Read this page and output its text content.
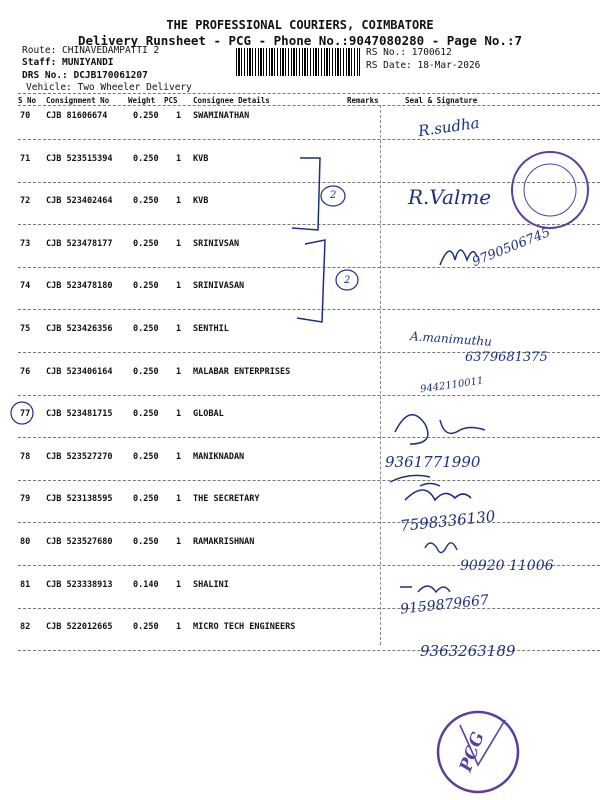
THE PROFESSIONAL COURIERS, COIMBATORE
Delivery Runsheet - PCG - Phone No.:9047080280 - Page No.:7
Route: CHINAVEDAMPATTI 2
Staff: MUNIYANDI
DRS No.: DCJB170061207
Vehicle: Two Wheeler Delivery
RS No.: 1700612
RS Date: 18-Mar-2026
S No Consignment No	Weight PCS Consignee Details	Remarks	Seal & Signature
70 CJB 81606674	0.250 1 SWAMINATHAN
71 CJB 523515394 0.250 1 KVB
72 CJB 523402464 0.250 1 KVB
73 CJB 523478177 0.250 1 SRINIVSAN
74 CJB 523478180 0.250 1 SRINIVASAN
75 CJB 523426356 0.250 1 SENTHIL
76 CJB 523406164 0.250 1 MALABAR ENTERPRISES
77 CJB 523481715 0.250 1 GLOBAL
78 CJB 523527270 0.250 1 MANIKNADAN
79 CJB 523138595 0.250 1 THE SECRETARY
80 CJB 523527680 0.250 1 RAMAKRISHNAN
81 CJB 523338913 0.140 1 SHALINI
82 CJB 522012665 0.250 1 MICRO TECH ENGINEERS
R.sudha
R.Valme
9790506745
A.manimuthu
6379681375
9442110011
9361771990
7598336130
90920 11006
9159879667
9363263189
2
2
PCG
